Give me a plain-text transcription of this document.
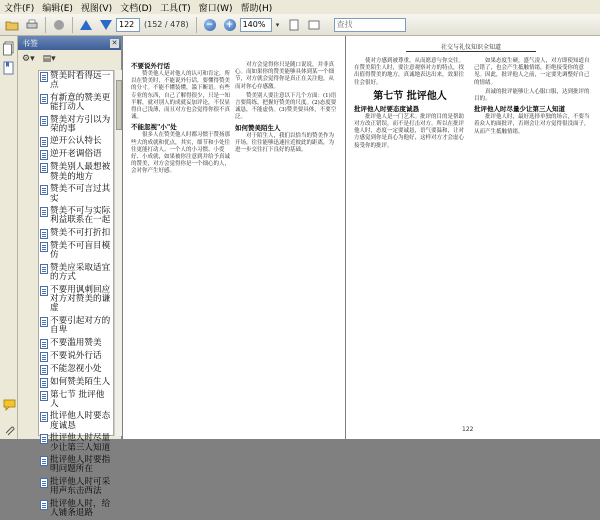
文件(F) 编辑(E) 视图(V) 文档(D) 工具(T) 窗口(W) 帮助(H)
122
(152 / 478) − +
140%	▾
查找
书签	✕
⚙▾ ▤▾
赞美时看得远一点
有新意的赞美更能打动人
赞美对方引以为荣的事
逆开公认特长
逆开老调俗语
赞美别人最想被赞美的地方
赞美不可言过其实
赞美不可与实际利益联系在一起
赞美不可打折扣
赞美不可盲目模仿
赞美应采取适宜的方式
不要用讽刺回应对方对赞美的谦虚
不要引起对方的自卑
不要滥用赞美
不要说外行话
不能忽视小处
如何赞美陌生人
第七节 批评他人
批评他人时要态度诚恳
批评他人时尽量少让第三人知道
批评他人时要指明问题所在
批评他人时可采用声东击西法
批评他人时，给人铺条退路
不要说外行话
赞美他人是对他人的认可和肯定，所以在赞美时，不能说外行话，要懂得赞美的分寸。不能不懂装懂，滥下断语。有些专业的东西，自己了解得很少，只是一知半解，就对别人的成就妄加评论，不仅显得自己浅薄，而且对方也会觉得你很不真诚。
不能忽视"小"处
很多人在赞美他人时都习惯于赞扬那些大的成就和优点，其实，细节和小处往往更能打动人。一个人的小习惯、小爱好、小成就，如果被你注意到并给予真诚的赞美，对方会觉得你是一个细心的人，会对你产生好感。
对方会觉得你只是随口说说，并非真心。而如果你的赞美能够具体到某一个细节，对方就会觉得你是真正在关注他，从而对你心存感激。
赞美别人要注意以下几个方面：(1)语言要简练，把握好赞美的尺度。(2)态度要诚恳，不能虚伪。(3)赞美要具体，不要空泛。
如何赞美陌生人
对于陌生人，我们以恰当的赞美作为开场，往往能够迅速拉近彼此的距离，为进一步交往打下良好的基础。
社交与礼仪知识全知道
使对方感到被尊重，从而愿意与你交往。在赞美陌生人时，要注意观察对方的特点，找出值得赞美的地方，真诚地表达出来，效果往往会很好。
第七节 批评他人
批评他人时要态度诚恳
批评他人是一门艺术。批评的目的是帮助对方改正错误，而不是打击对方。所以在批评他人时，态度一定要诚恳，语气要温和，让对方感觉到你是真心为他好，这样对方才会虚心接受你的批评。
如果态度生硬，盛气凌人，对方即使知道自己错了，也会产生抵触情绪，拒绝接受你的意见。因此，批评他人之前，一定要先调整好自己的情绪。
真诚的批评能够让人心服口服，达到批评的目的。
批评他人时尽量少让第三人知道
批评他人时，最好选择单独的场合，不要当着众人的面批评，否则会让对方觉得很没面子，从而产生抵触情绪。
122
